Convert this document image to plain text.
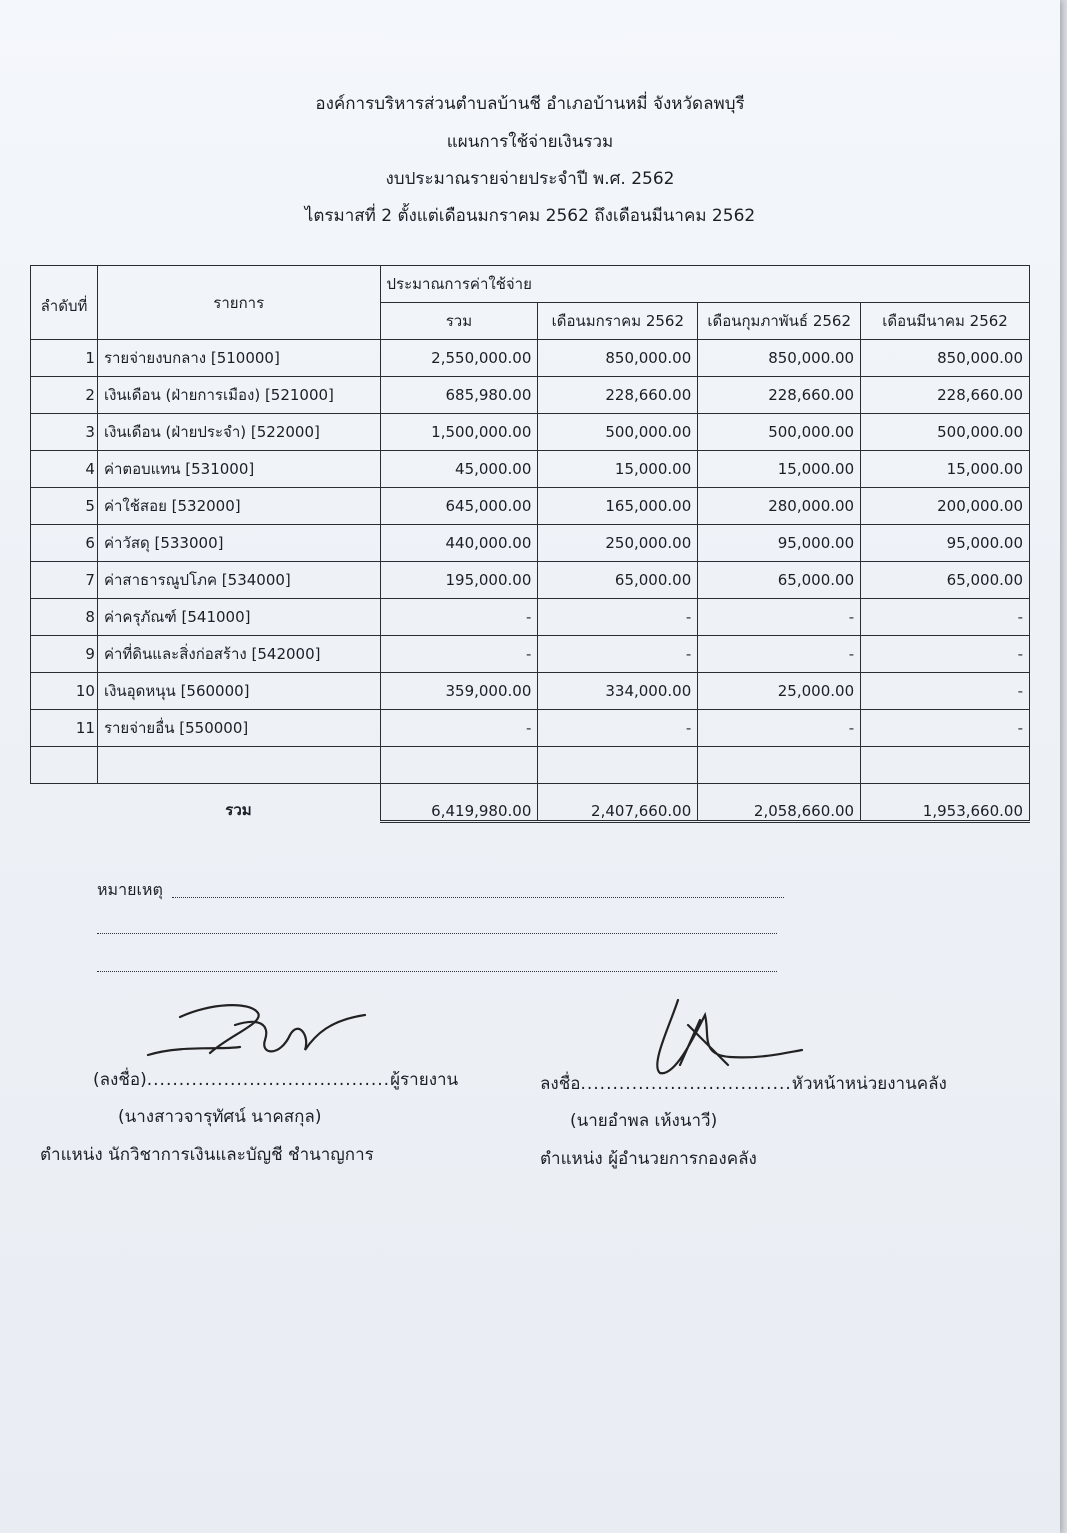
องค์การบริหารส่วนตำบลบ้านชี อำเภอบ้านหมี่ จังหวัดลพบุรี
แผนการใช้จ่ายเงินรวม
งบประมาณรายจ่ายประจำปี พ.ศ. 2562
ไตรมาสที่ 2 ตั้งแต่เดือนมกราคม 2562 ถึงเดือนมีนาคม 2562
ลำดับที่	รายการ	ประมาณการค่าใช้จ่าย			
		รวม	เดือนมกราคม 2562	เดือนกุมภาพันธ์ 2562	เดือนมีนาคม 2562
1	รายจ่ายงบกลาง [510000]	2,550,000.00	850,000.00	850,000.00	850,000.00
2	เงินเดือน (ฝ่ายการเมือง) [521000]	685,980.00	228,660.00	228,660.00	228,660.00
3	เงินเดือน (ฝ่ายประจำ) [522000]	1,500,000.00	500,000.00	500,000.00	500,000.00
4	ค่าตอบแทน [531000]	45,000.00	15,000.00	15,000.00	15,000.00
5	ค่าใช้สอย [532000]	645,000.00	165,000.00	280,000.00	200,000.00
6	ค่าวัสดุ [533000]	440,000.00	250,000.00	95,000.00	95,000.00
7	ค่าสาธารณูปโภค [534000]	195,000.00	65,000.00	65,000.00	65,000.00
8	ค่าครุภัณฑ์ [541000]	-	-	-	-
9	ค่าที่ดินและสิ่งก่อสร้าง [542000]	-	-	-	-
10	เงินอุดหนุน [560000]	359,000.00	334,000.00	25,000.00	-
11	รายจ่ายอื่น [550000]	-	-	-	-

	รวม	6,419,980.00	2,407,660.00	2,058,660.00	1,953,660.00
หมายเหตุ
(ลงชื่อ)......................................ผู้รายงาน
(นางสาวจารุทัศน์ นาคสกุล)
ตำแหน่ง นักวิชาการเงินและบัญชี ชำนาญการ
ลงชื่อ.................................หัวหน้าหน่วยงานคลัง
(นายอำพล เห้งนาวี)
ตำแหน่ง ผู้อำนวยการกองคลัง
